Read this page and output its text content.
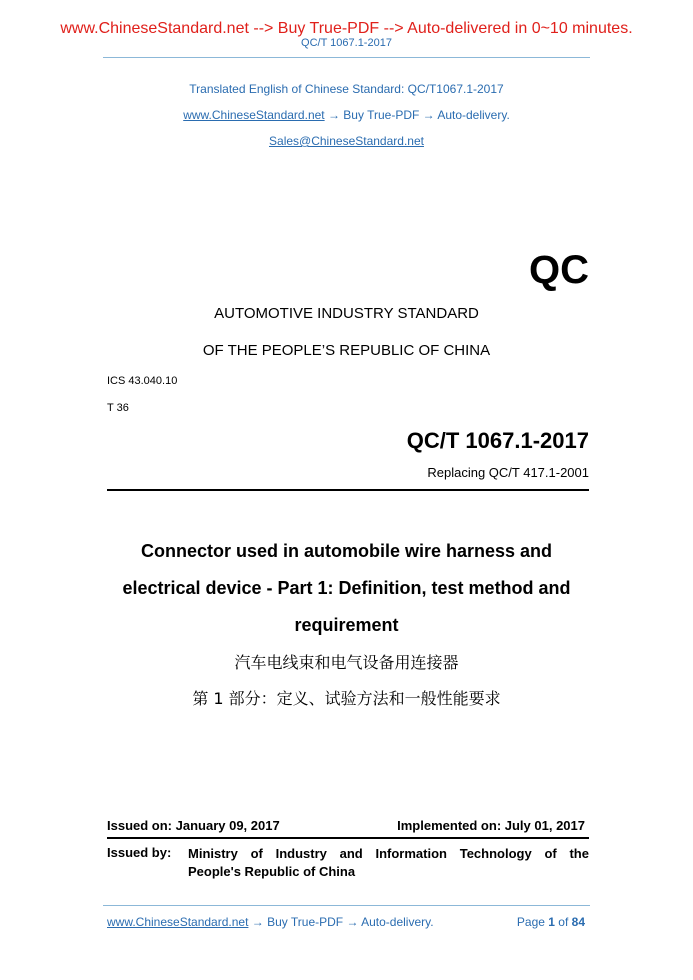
www.ChineseStandard.net --> Buy True-PDF --> Auto-delivered in 0~10 minutes.
QC/T 1067.1-2017
Translated English of Chinese Standard: QC/T1067.1-2017
www.ChineseStandard.net → Buy True-PDF → Auto-delivery.
Sales@ChineseStandard.net
QC
AUTOMOTIVE INDUSTRY STANDARD
OF THE PEOPLE’S REPUBLIC OF CHINA
ICS 43.040.10
T 36
QC/T 1067.1-2017
Replacing QC/T 417.1-2001
Connector used in automobile wire harness and
electrical device - Part 1: Definition, test method and
requirement
汽车电线束和电气设备用连接器
第 1 部分：定义、试验方法和一般性能要求
Issued on: January 09, 2017	Implemented on: July 01, 2017
Issued by: Ministry of Industry and Information Technology of the
People's Republic of China
www.ChineseStandard.net → Buy True-PDF → Auto-delivery.	Page 1 of 84
